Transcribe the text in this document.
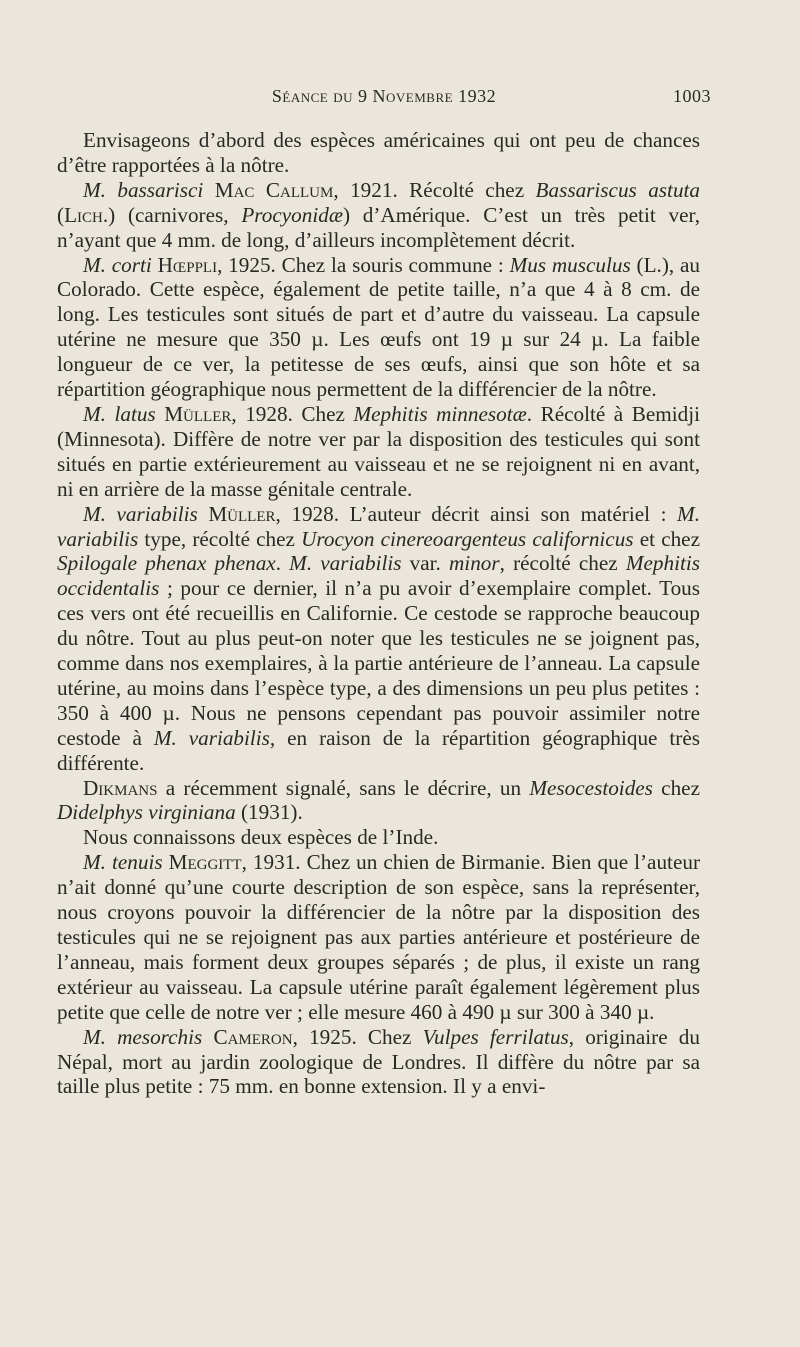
Séance du 9 Novembre 1932	1003

Envisageons d’abord des espèces américaines qui ont peu de chances d’être rapportées à la nôtre.

M. bassarisci Mac Callum, 1921. Récolté chez Bassariscus astuta (Lich.) (carnivores, Procyonidæ) d’Amérique. C’est un très petit ver, n’ayant que 4 mm. de long, d’ailleurs incomplètement décrit.

M. corti Hœppli, 1925. Chez la souris commune : Mus musculus (L.), au Colorado. Cette espèce, également de petite taille, n’a que 4 à 8 cm. de long. Les testicules sont situés de part et d’autre du vaisseau. La capsule utérine ne mesure que 350 µ. Les œufs ont 19 µ sur 24 µ. La faible longueur de ce ver, la petitesse de ses œufs, ainsi que son hôte et sa répartition géographique nous permettent de la différencier de la nôtre.

M. latus Müller, 1928. Chez Mephitis minnesotæ. Récolté à Bemidji (Minnesota). Diffère de notre ver par la disposition des testicules qui sont situés en partie extérieurement au vaisseau et ne se rejoignent ni en avant, ni en arrière de la masse génitale centrale.

M. variabilis Müller, 1928. L’auteur décrit ainsi son matériel : M. variabilis type, récolté chez Urocyon cinereoargenteus californicus et chez Spilogale phenax phenax. M. variabilis var. minor, récolté chez Mephitis occidentalis ; pour ce dernier, il n’a pu avoir d’exemplaire complet. Tous ces vers ont été recueillis en Californie. Ce cestode se rapproche beaucoup du nôtre. Tout au plus peut-on noter que les testicules ne se joignent pas, comme dans nos exemplaires, à la partie antérieure de l’anneau. La capsule utérine, au moins dans l’espèce type, a des dimensions un peu plus petites : 350 à 400 µ. Nous ne pensons cependant pas pouvoir assimiler notre cestode à M. variabilis, en raison de la répartition géographique très différente.

Dikmans a récemment signalé, sans le décrire, un Mesocestoides chez Didelphys virginiana (1931).

Nous connaissons deux espèces de l’Inde.

M. tenuis Meggitt, 1931. Chez un chien de Birmanie. Bien que l’auteur n’ait donné qu’une courte description de son espèce, sans la représenter, nous croyons pouvoir la différencier de la nôtre par la disposition des testicules qui ne se rejoignent pas aux parties antérieure et postérieure de l’anneau, mais forment deux groupes séparés ; de plus, il existe un rang extérieur au vaisseau. La capsule utérine paraît également légèrement plus petite que celle de notre ver ; elle mesure 460 à 490 µ sur 300 à 340 µ.

M. mesorchis Cameron, 1925. Chez Vulpes ferrilatus, originaire du Népal, mort au jardin zoologique de Londres. Il diffère du nôtre par sa taille plus petite : 75 mm. en bonne extension. Il y a envi-
